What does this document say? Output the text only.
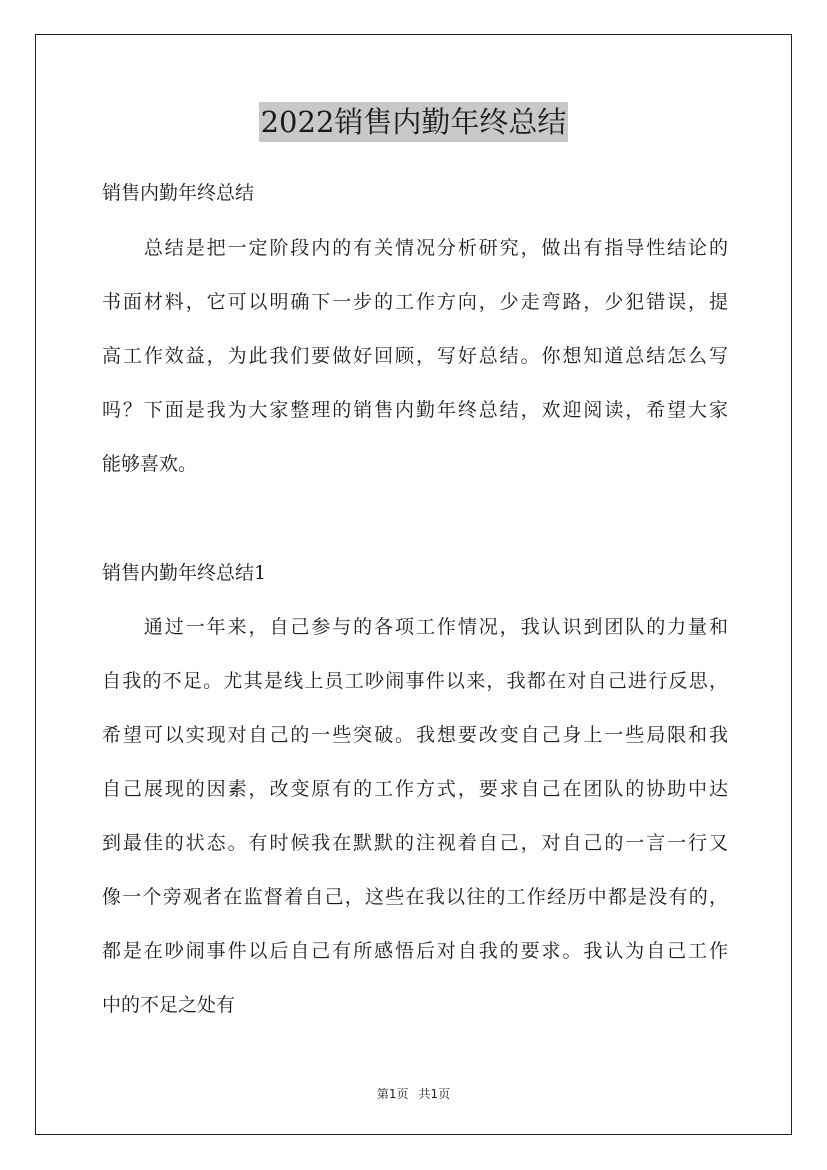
2022销售内勤年终总结
销售内勤年终总结
　　总结是把一定阶段内的有关情况分析研究，做出有指导性结论的
书面材料，它可以明确下一步的工作方向，少走弯路，少犯错误，提
高工作效益，为此我们要做好回顾，写好总结。你想知道总结怎么写
吗？下面是我为大家整理的销售内勤年终总结，欢迎阅读，希望大家
能够喜欢。
销售内勤年终总结1
　　通过一年来，自己参与的各项工作情况，我认识到团队的力量和
自我的不足。尤其是线上员工吵闹事件以来，我都在对自己进行反思，
希望可以实现对自己的一些突破。我想要改变自己身上一些局限和我
自己展现的因素，改变原有的工作方式，要求自己在团队的协助中达
到最佳的状态。有时候我在默默的注视着自己，对自己的一言一行又
像一个旁观者在监督着自己，这些在我以往的工作经历中都是没有的，
都是在吵闹事件以后自己有所感悟后对自我的要求。我认为自己工作
中的不足之处有
第1页 共1页
